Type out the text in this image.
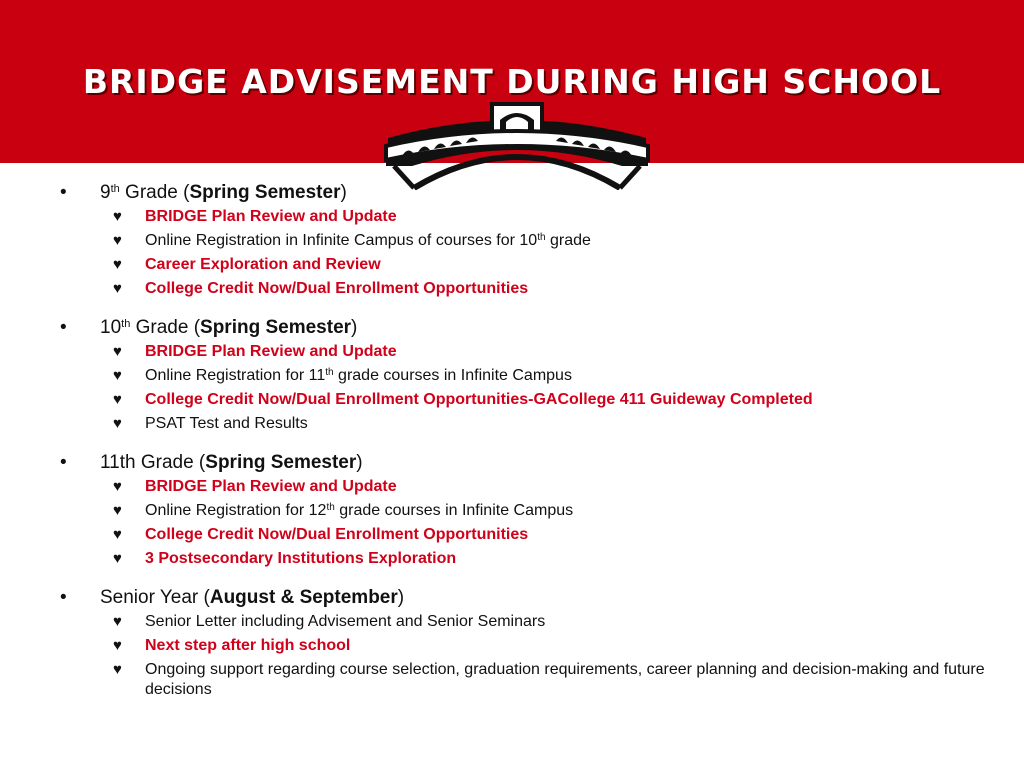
BRIDGE ADVISEMENT DURING HIGH SCHOOL
• 9th Grade (Spring Semester)
♥ BRIDGE Plan Review and Update
♥ Online Registration in Infinite Campus of courses for 10th grade
♥ Career Exploration and Review
♥ College Credit Now/Dual Enrollment Opportunities
• 10th Grade (Spring Semester)
♥ BRIDGE Plan Review and Update
♥ Online Registration for 11th grade courses in Infinite Campus
♥ College Credit Now/Dual Enrollment Opportunities-GACollege 411 Guideway Completed
♥ PSAT Test and Results
• 11th Grade (Spring Semester)
♥ BRIDGE Plan Review and Update
♥ Online Registration for 12th grade courses in Infinite Campus
♥ College Credit Now/Dual Enrollment Opportunities
♥ 3 Postsecondary Institutions Exploration
• Senior Year (August & September)
♥ Senior Letter including Advisement and Senior Seminars
♥ Next step after high school
♥ Ongoing support regarding course selection, graduation requirements, career planning and decision-making and future decisions
